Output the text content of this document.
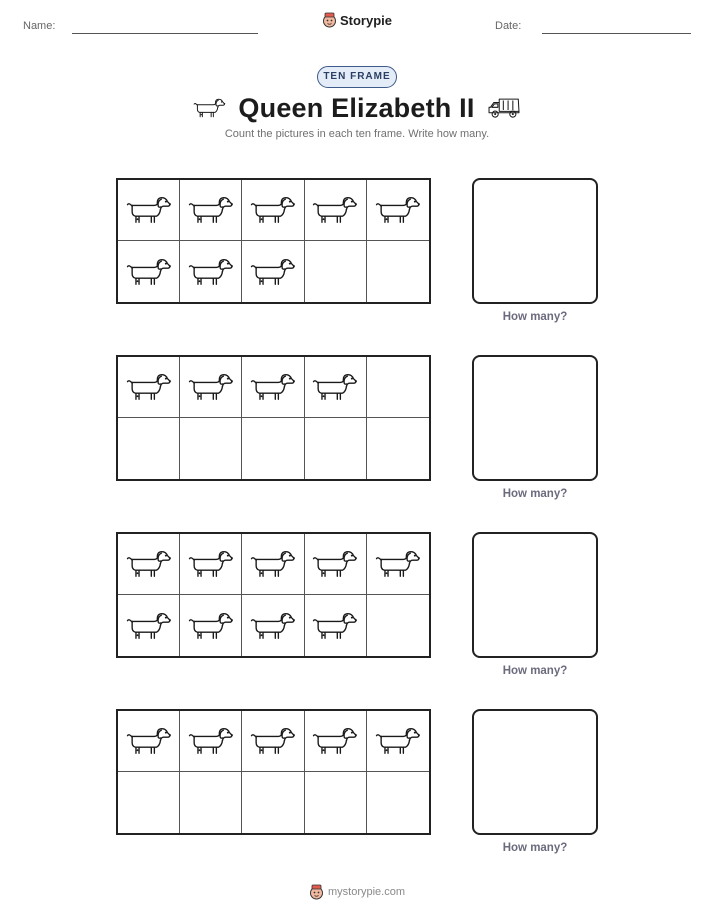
Name:	Storypie	Date:
TEN FRAME
Queen Elizabeth II
Count the pictures in each ten frame. Write how many.
How many?
How many?
How many?
How many?
mystorypie.com
